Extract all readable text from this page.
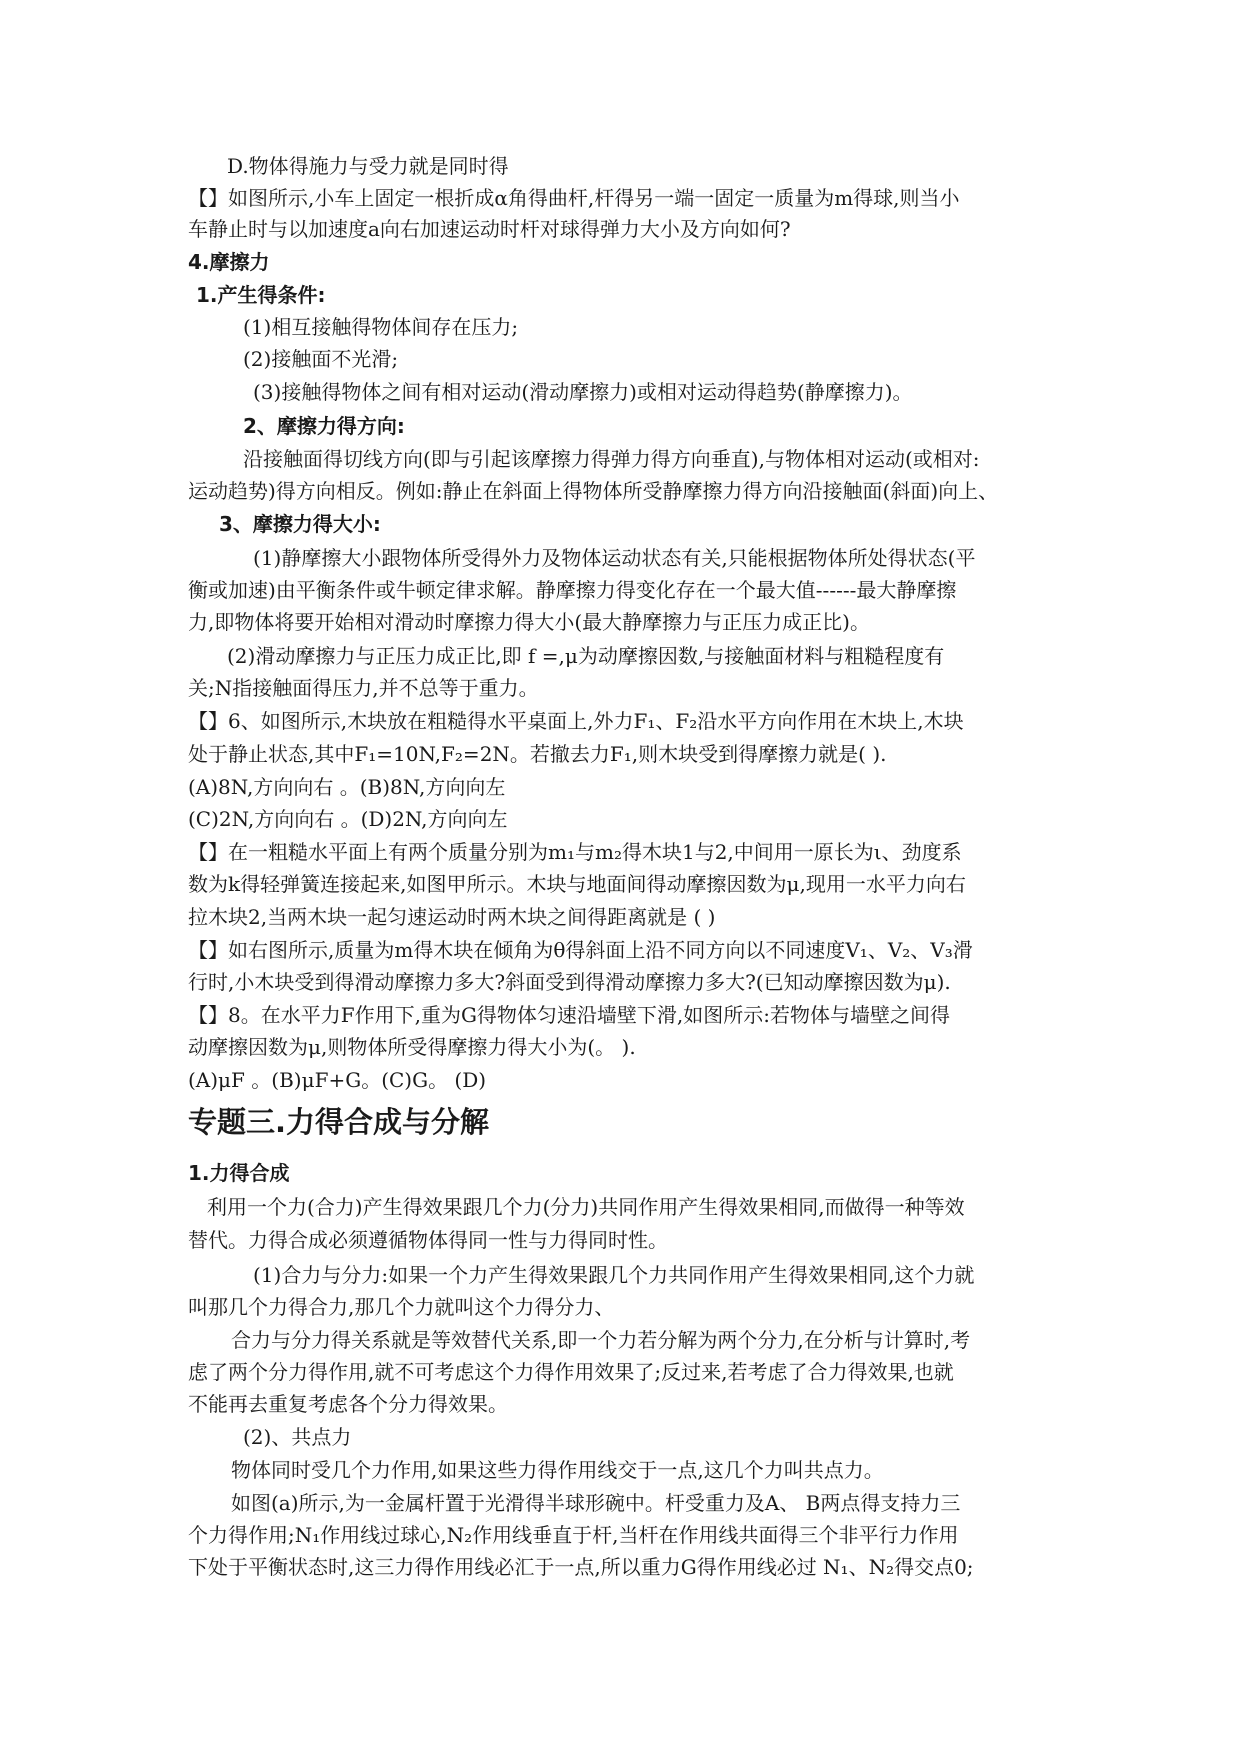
D.物体得施力与受力就是同时得
【】如图所示,小车上固定一根折成α角得曲杆,杆得另一端一固定一质量为m得球,则当小
车静止时与以加速度a向右加速运动时杆对球得弹力大小及方向如何?
4.摩擦力
1.产生得条件:
(1)相互接触得物体间存在压力;
(2)接触面不光滑;
(3)接触得物体之间有相对运动(滑动摩擦力)或相对运动得趋势(静摩擦力)。
2、摩擦力得方向:
沿接触面得切线方向(即与引起该摩擦力得弹力得方向垂直),与物体相对运动(或相对:
运动趋势)得方向相反。例如:静止在斜面上得物体所受静摩擦力得方向沿接触面(斜面)向上、
3、摩擦力得大小:
(1)静摩擦大小跟物体所受得外力及物体运动状态有关,只能根据物体所处得状态(平
衡或加速)由平衡条件或牛顿定律求解。静摩擦力得变化存在一个最大值------最大静摩擦
力,即物体将要开始相对滑动时摩擦力得大小(最大静摩擦力与正压力成正比)。
(2)滑动摩擦力与正压力成正比,即 f =,μ为动摩擦因数,与接触面材料与粗糙程度有
关;N指接触面得压力,并不总等于重力。
【】6、如图所示,木块放在粗糙得水平桌面上,外力F₁、F₂沿水平方向作用在木块上,木块
处于静止状态,其中F₁=10N,F₂=2N。若撤去力F₁,则木块受到得摩擦力就是( ).
(A)8N,方向向右 。(B)8N,方向向左
(C)2N,方向向右 。(D)2N,方向向左
【】在一粗糙水平面上有两个质量分别为m₁与m₂得木块1与2,中间用一原长为ι、劲度系
数为k得轻弹簧连接起来,如图甲所示。木块与地面间得动摩擦因数为μ,现用一水平力向右
拉木块2,当两木块一起匀速运动时两木块之间得距离就是 ( )
【】如右图所示,质量为m得木块在倾角为θ得斜面上沿不同方向以不同速度V₁、V₂、V₃滑
行时,小木块受到得滑动摩擦力多大?斜面受到得滑动摩擦力多大?(已知动摩擦因数为μ).
【】8。在水平力F作用下,重为G得物体匀速沿墙壁下滑,如图所示:若物体与墙壁之间得
动摩擦因数为μ,则物体所受得摩擦力得大小为(。 ).
(A)μF 。(B)μF+G。(C)G。 (D)
专题三.力得合成与分解
1.力得合成
利用一个力(合力)产生得效果跟几个力(分力)共同作用产生得效果相同,而做得一种等效
替代。力得合成必须遵循物体得同一性与力得同时性。
(1)合力与分力:如果一个力产生得效果跟几个力共同作用产生得效果相同,这个力就
叫那几个力得合力,那几个力就叫这个力得分力、
合力与分力得关系就是等效替代关系,即一个力若分解为两个分力,在分析与计算时,考
虑了两个分力得作用,就不可考虑这个力得作用效果了;反过来,若考虑了合力得效果,也就
不能再去重复考虑各个分力得效果。
(2)、共点力
物体同时受几个力作用,如果这些力得作用线交于一点,这几个力叫共点力。
如图(a)所示,为一金属杆置于光滑得半球形碗中。杆受重力及A、 B两点得支持力三
个力得作用;N₁作用线过球心,N₂作用线垂直于杆,当杆在作用线共面得三个非平行力作用
下处于平衡状态时,这三力得作用线必汇于一点,所以重力G得作用线必过 N₁、N₂得交点0;
